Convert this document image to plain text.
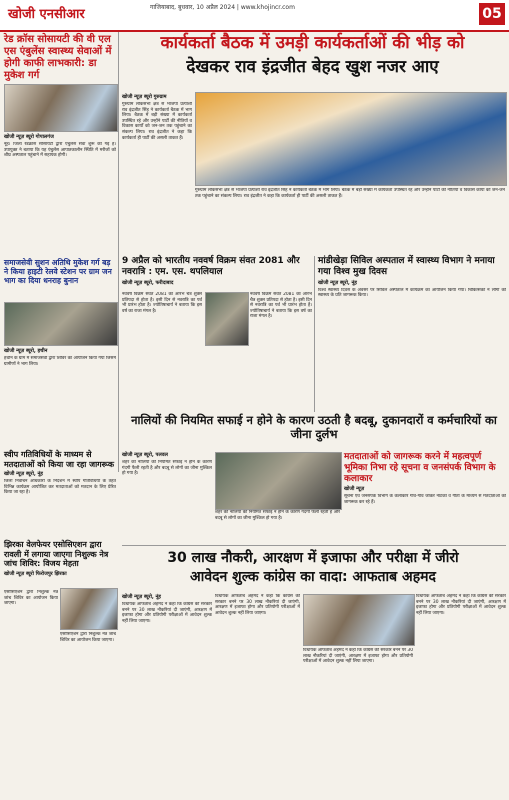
खोजी एनसीआर	गाजियाबाद, बुधवार, 10 अप्रैल 2024 | www.khojincr.com	05
कार्यकर्ता बैठक में उमड़ी कार्यकर्ताओं की भीड़ को
देखकर राव इंद्रजीत बेहद खुश नजर आए
खोजी न्यूज़ ब्यूरो गुरुग्राम
गुरुग्राम लोकसभा क्षेत्र से भाजपा प्रत्याशी राव इंद्रजीत सिंह ने कार्यकर्ता बैठक में भाग लिया। बैठक में बड़ी संख्या में कार्यकर्ता उपस्थित रहे और उन्होंने पार्टी की नीतियों व विकास कार्यों को जन-जन तक पहुंचाने का संकल्प लिया। राव इंद्रजीत ने कहा कि कार्यकर्ता ही पार्टी की असली ताकत हैं।
गुरुग्राम लोकसभा क्षेत्र से भाजपा प्रत्याशी राव इंद्रजीत सिंह ने कार्यकर्ता बैठक में भाग लिया। बैठक में बड़ी संख्या में कार्यकर्ता उपस्थित रहे और उन्होंने पार्टी की नीतियों व विकास कार्यों को जन-जन तक पहुंचाने का संकल्प लिया। राव इंद्रजीत ने कहा कि कार्यकर्ता ही पार्टी की असली ताकत हैं।
रेड क्रॉस सोसायटी की वी एल एस एंबुलेंस स्वास्थ्य सेवाओं में होगी काफी लाभकारी: डा मुकेश गर्ग
खोजी न्यूज़ ब्यूरो गोपालगंज
नूंह। जिला रेडक्रॉस सोसायटी द्वारा एंबुलेंस सेवा शुरू की गई है। उपायुक्त ने बताया कि यह एंबुलेंस आपातकालीन स्थिति में मरीजों को शीघ्र अस्पताल पहुंचाने में सहायक होगी।
समाजसेवी सुशन अतिथि मुकेश गर्ग बड़ ने किया हाइटी रेलवे स्टेशन पर ग्राम जन भाग का दिया धनराह बुनान
खोजी न्यूज़ ब्यूरो, हथीन
हथीन के ग्राम में समाजसेवी द्वारा शिविर का आयोजन किया गया जिसमें ग्रामीणों ने भाग लिया।
स्वीप गतिविधियों के माध्यम से मतदाताओं को किया जा रहा जागरूक
खोजी न्यूज़ ब्यूरो, नूंह
जिला निर्वाचन अधिकारी के निर्देशन में स्वीप गतिविधियों के तहत विभिन्न कार्यक्रम आयोजित कर मतदाताओं को मतदान के लिए प्रेरित किया जा रहा है।
झिरका वेलफेयर एसोसिएशन द्वारा रावली में लगाया जाएगा निशुल्क नेत्र जांच शिविर: विजय मेहता
खोजी न्यूज़ ब्यूरो फिरोजपुर झिरका
एसोसिएशन द्वारा निशुल्क नेत्र जांच शिविर का आयोजन किया जाएगा।
एसोसिएशन द्वारा निशुल्क नेत्र जांच शिविर का आयोजन किया जाएगा।
9 अप्रैल को भारतीय नववर्ष विक्रम संवत 2081 और नवरात्रि : एम. एस. थपलियाल
खोजी न्यूज़ ब्यूरो, फरीदाबाद
नववर्ष विक्रम संवत 2081 का आरंभ चैत्र शुक्ल प्रतिपदा से होता है। इसी दिन से नवरात्रि का पर्व भी प्रारंभ होता है। ज्योतिषाचार्य ने बताया कि इस वर्ष का राजा मंगल है।
नववर्ष विक्रम संवत 2081 का आरंभ चैत्र शुक्ल प्रतिपदा से होता है। इसी दिन से नवरात्रि का पर्व भी प्रारंभ होता है। ज्योतिषाचार्य ने बताया कि इस वर्ष का राजा मंगल है।
मांडीखेड़ा सिविल अस्पताल में स्वास्थ्य विभाग ने मनाया गया विश्व मुख दिवस
खोजी न्यूज़ ब्यूरो, नूंह
विश्व स्वास्थ्य दिवस के अवसर पर सिविल अस्पताल में कार्यक्रम का आयोजन किया गया। चिकित्सकों ने लोगों को स्वास्थ्य के प्रति जागरूक किया।
नालियों की नियमित सफाई न होने के कारण उठती है बदबू, दुकानदारों व कर्मचारियों का जीना दुर्लभ
खोजी न्यूज़ ब्यूरो, पलवल
शहर की नालियों की नियमित सफाई न होने के कारण गंदगी फैली रहती है और बदबू से लोगों का जीना मुश्किल हो गया है।
शहर की नालियों की नियमित सफाई न होने के कारण गंदगी फैली रहती है और बदबू से लोगों का जीना मुश्किल हो गया है।
मतदाताओं को जागरूक करने में महत्वपूर्ण भूमिका निभा रहे सूचना व जनसंपर्क विभाग के कलाकार
खोजी न्यूज़
सूचना एवं जनसंपर्क विभाग के कलाकार गांव-गांव जाकर नाटकों व गीतों के माध्यम से मतदाताओं को जागरूक कर रहे हैं।
30 लाख नौकरी, आरक्षण में इजाफा और परीक्षा में जीरो
आवेदन शुल्क कांग्रेस का वादा: आफताब अहमद
खोजी न्यूज़ ब्यूरो, नूंह
विधायक आफताब अहमद ने कहा कि कांग्रेस की सरकार बनने पर 30 लाख नौकरियां दी जाएंगी, आरक्षण में इजाफा होगा और प्रतियोगी परीक्षाओं में आवेदन शुल्क नहीं लिया जाएगा।
विधायक आफताब अहमद ने कहा कि कांग्रेस की सरकार बनने पर 30 लाख नौकरियां दी जाएंगी, आरक्षण में इजाफा होगा और प्रतियोगी परीक्षाओं में आवेदन शुल्क नहीं लिया जाएगा।
विधायक आफताब अहमद ने कहा कि कांग्रेस की सरकार बनने पर 30 लाख नौकरियां दी जाएंगी, आरक्षण में इजाफा होगा और प्रतियोगी परीक्षाओं में आवेदन शुल्क नहीं लिया जाएगा।
विधायक आफताब अहमद ने कहा कि कांग्रेस की सरकार बनने पर 30 लाख नौकरियां दी जाएंगी, आरक्षण में इजाफा होगा और प्रतियोगी परीक्षाओं में आवेदन शुल्क नहीं लिया जाएगा।
